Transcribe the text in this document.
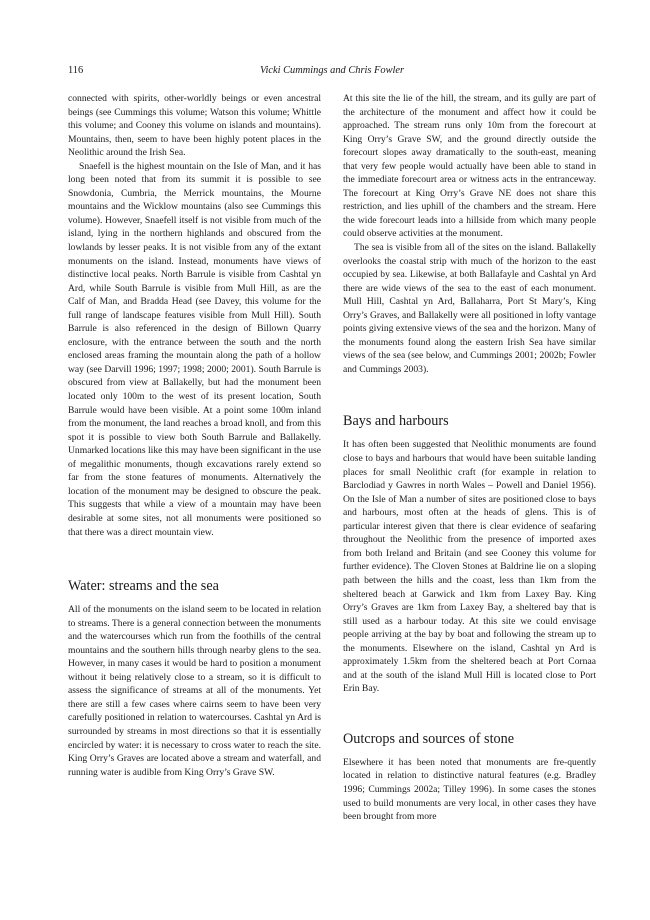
116	Vicki Cummings and Chris Fowler

connected with spirits, other-worldly beings or even ancestral beings (see Cummings this volume; Watson this volume; Whittle this volume; and Cooney this volume on islands and mountains). Mountains, then, seem to have been highly potent places in the Neolithic around the Irish Sea.

Snaefell is the highest mountain on the Isle of Man, and it has long been noted that from its summit it is possible to see Snowdonia, Cumbria, the Merrick mountains, the Mourne mountains and the Wicklow mountains (also see Cummings this volume). However, Snaefell itself is not visible from much of the island, lying in the northern highlands and obscured from the lowlands by lesser peaks. It is not visible from any of the extant monuments on the island. Instead, monuments have views of distinctive local peaks. North Barrule is visible from Cashtal yn Ard, while South Barrule is visible from Mull Hill, as are the Calf of Man, and Bradda Head (see Davey, this volume for the full range of landscape features visible from Mull Hill). South Barrule is also referenced in the design of Billown Quarry enclosure, with the entrance between the south and the north enclosed areas framing the mountain along the path of a hollow way (see Darvill 1996; 1997; 1998; 2000; 2001). South Barrule is obscured from view at Ballakelly, but had the monument been located only 100m to the west of its present location, South Barrule would have been visible. At a point some 100m inland from the monument, the land reaches a broad knoll, and from this spot it is possible to view both South Barrule and Ballakelly. Unmarked locations like this may have been significant in the use of megalithic monuments, though excavations rarely extend so far from the stone features of monuments. Alternatively the location of the monument may be designed to obscure the peak. This suggests that while a view of a mountain may have been desirable at some sites, not all monuments were positioned so that there was a direct mountain view.

Water: streams and the sea

All of the monuments on the island seem to be located in relation to streams. There is a general connection between the monuments and the watercourses which run from the foothills of the central mountains and the southern hills through nearby glens to the sea. However, in many cases it would be hard to position a monument without it being relatively close to a stream, so it is difficult to assess the significance of streams at all of the monuments. Yet there are still a few cases where cairns seem to have been very carefully positioned in relation to watercourses. Cashtal yn Ard is surrounded by streams in most directions so that it is essentially encircled by water: it is necessary to cross water to reach the site. King Orry’s Graves are located above a stream and waterfall, and running water is audible from King Orry’s Grave SW.

At this site the lie of the hill, the stream, and its gully are part of the architecture of the monument and affect how it could be approached. The stream runs only 10m from the forecourt at King Orry’s Grave SW, and the ground directly outside the forecourt slopes away dramatically to the south-east, meaning that very few people would actually have been able to stand in the immediate forecourt area or witness acts in the entranceway. The forecourt at King Orry’s Grave NE does not share this restriction, and lies uphill of the chambers and the stream. Here the wide forecourt leads into a hillside from which many people could observe activities at the monument.

The sea is visible from all of the sites on the island. Ballakelly overlooks the coastal strip with much of the horizon to the east occupied by sea. Likewise, at both Ballafayle and Cashtal yn Ard there are wide views of the sea to the east of each monument. Mull Hill, Cashtal yn Ard, Ballaharra, Port St Mary’s, King Orry’s Graves, and Ballakelly were all positioned in lofty vantage points giving extensive views of the sea and the horizon. Many of the monuments found along the eastern Irish Sea have similar views of the sea (see below, and Cummings 2001; 2002b; Fowler and Cummings 2003).

Bays and harbours

It has often been suggested that Neolithic monuments are found close to bays and harbours that would have been suitable landing places for small Neolithic craft (for example in relation to Barclodiad y Gawres in north Wales – Powell and Daniel 1956). On the Isle of Man a number of sites are positioned close to bays and harbours, most often at the heads of glens. This is of particular interest given that there is clear evidence of seafaring throughout the Neolithic from the presence of imported axes from both Ireland and Britain (and see Cooney this volume for further evidence). The Cloven Stones at Baldrine lie on a sloping path between the hills and the coast, less than 1km from the sheltered beach at Garwick and 1km from Laxey Bay. King Orry’s Graves are 1km from Laxey Bay, a sheltered bay that is still used as a harbour today. At this site we could envisage people arriving at the bay by boat and following the stream up to the monuments. Elsewhere on the island, Cashtal yn Ard is approximately 1.5km from the sheltered beach at Port Cornaa and at the south of the island Mull Hill is located close to Port Erin Bay.

Outcrops and sources of stone

Elsewhere it has been noted that monuments are fre-quently located in relation to distinctive natural features (e.g. Bradley 1996; Cummings 2002a; Tilley 1996). In some cases the stones used to build monuments are very local, in other cases they have been brought from more
